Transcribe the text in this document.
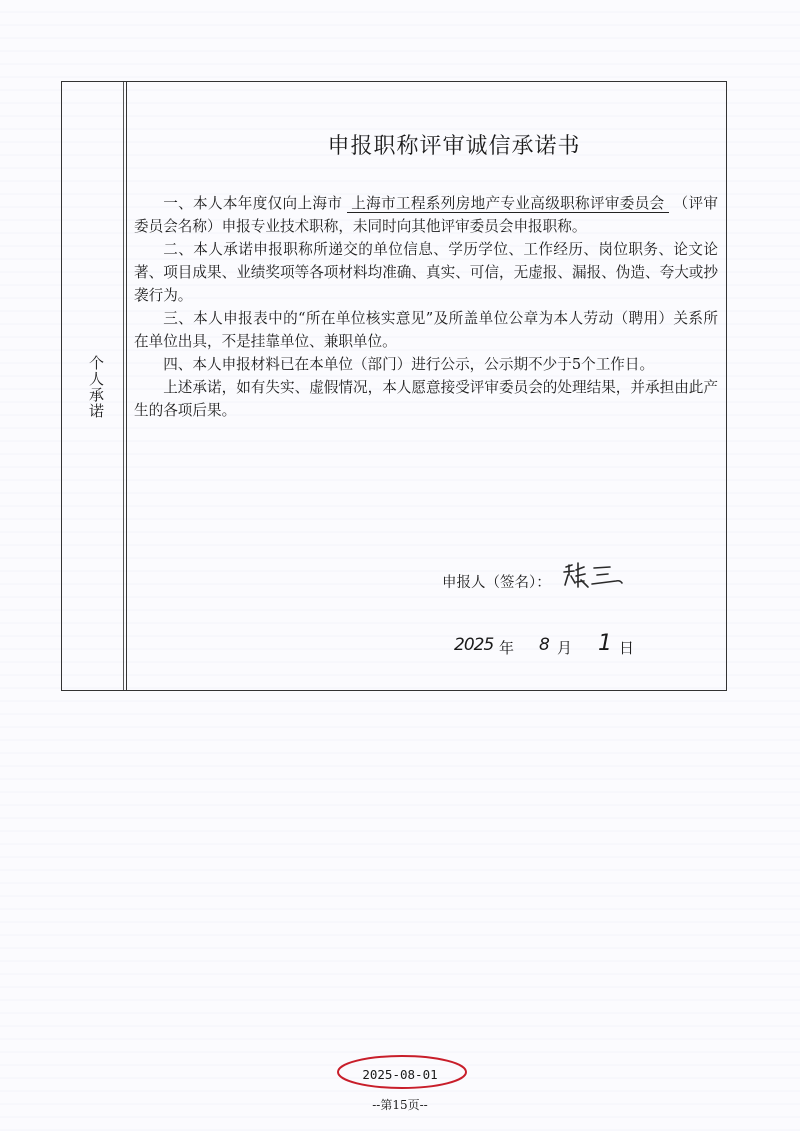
个人承诺
申报职称评审诚信承诺书

一、本人本年度仅向上海市 上海市工程系列房地产专业高级职称评审委员会 （评审委员会名称）申报专业技术职称，未同时向其他评审委员会申报职称。

二、本人承诺申报职称所递交的单位信息、学历学位、工作经历、岗位职务、论文论著、项目成果、业绩奖项等各项材料均准确、真实、可信，无虚报、漏报、伪造、夸大或抄袭行为。

三、本人申报表中的“所在单位核实意见”及所盖单位公章为本人劳动（聘用）关系所在单位出具，不是挂靠单位、兼职单位。

四、本人申报材料已在本单位（部门）进行公示，公示期不少于5个工作日。

上述承诺，如有失实、虚假情况，本人愿意接受评审委员会的处理结果，并承担由此产生的各项后果。

申报人（签名）：
2025 年 8 月 1 日
2025-08-01
--第15页--
